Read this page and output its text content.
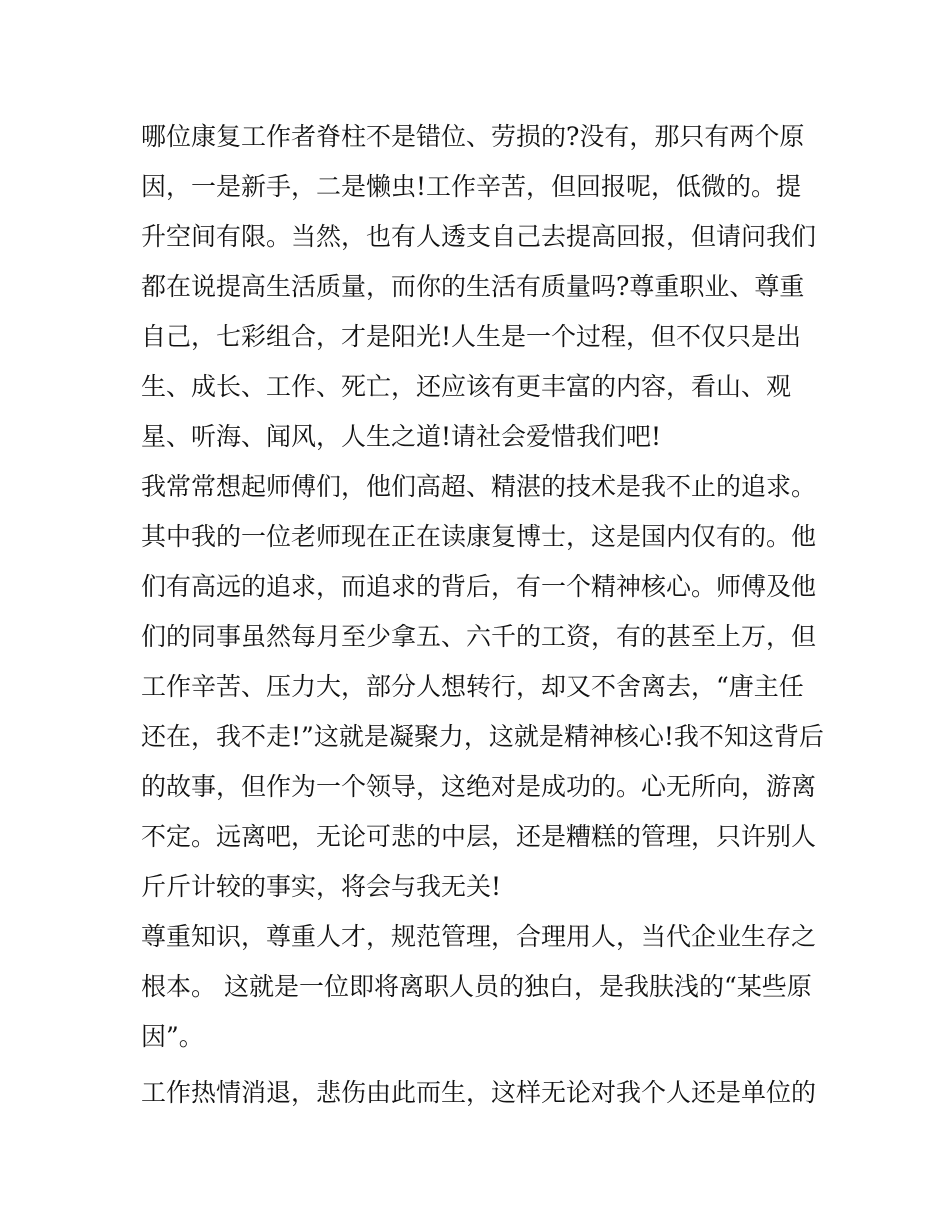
哪位康复工作者脊柱不是错位、劳损的?没有，那只有两个原
因，一是新手，二是懒虫!工作辛苦，但回报呢，低微的。提
升空间有限。当然，也有人透支自己去提高回报，但请问我们
都在说提高生活质量，而你的生活有质量吗?尊重职业、尊重
自己，七彩组合，才是阳光!人生是一个过程，但不仅只是出
生、成长、工作、死亡，还应该有更丰富的内容，看山、观
星、听海、闻风，人生之道!请社会爱惜我们吧!
我常常想起师傅们，他们高超、精湛的技术是我不止的追求。
其中我的一位老师现在正在读康复博士，这是国内仅有的。他
们有高远的追求，而追求的背后，有一个精神核心。师傅及他
们的同事虽然每月至少拿五、六千的工资，有的甚至上万，但
工作辛苦、压力大，部分人想转行，却又不舍离去，“唐主任
还在，我不走!”这就是凝聚力，这就是精神核心!我不知这背后
的故事，但作为一个领导，这绝对是成功的。心无所向，游离
不定。远离吧，无论可悲的中层，还是糟糕的管理，只许别人
斤斤计较的事实，将会与我无关!
尊重知识，尊重人才，规范管理，合理用人，当代企业生存之
根本。 这就是一位即将离职人员的独白，是我肤浅的“某些原
因”。
工作热情消退，悲伤由此而生，这样无论对我个人还是单位的
